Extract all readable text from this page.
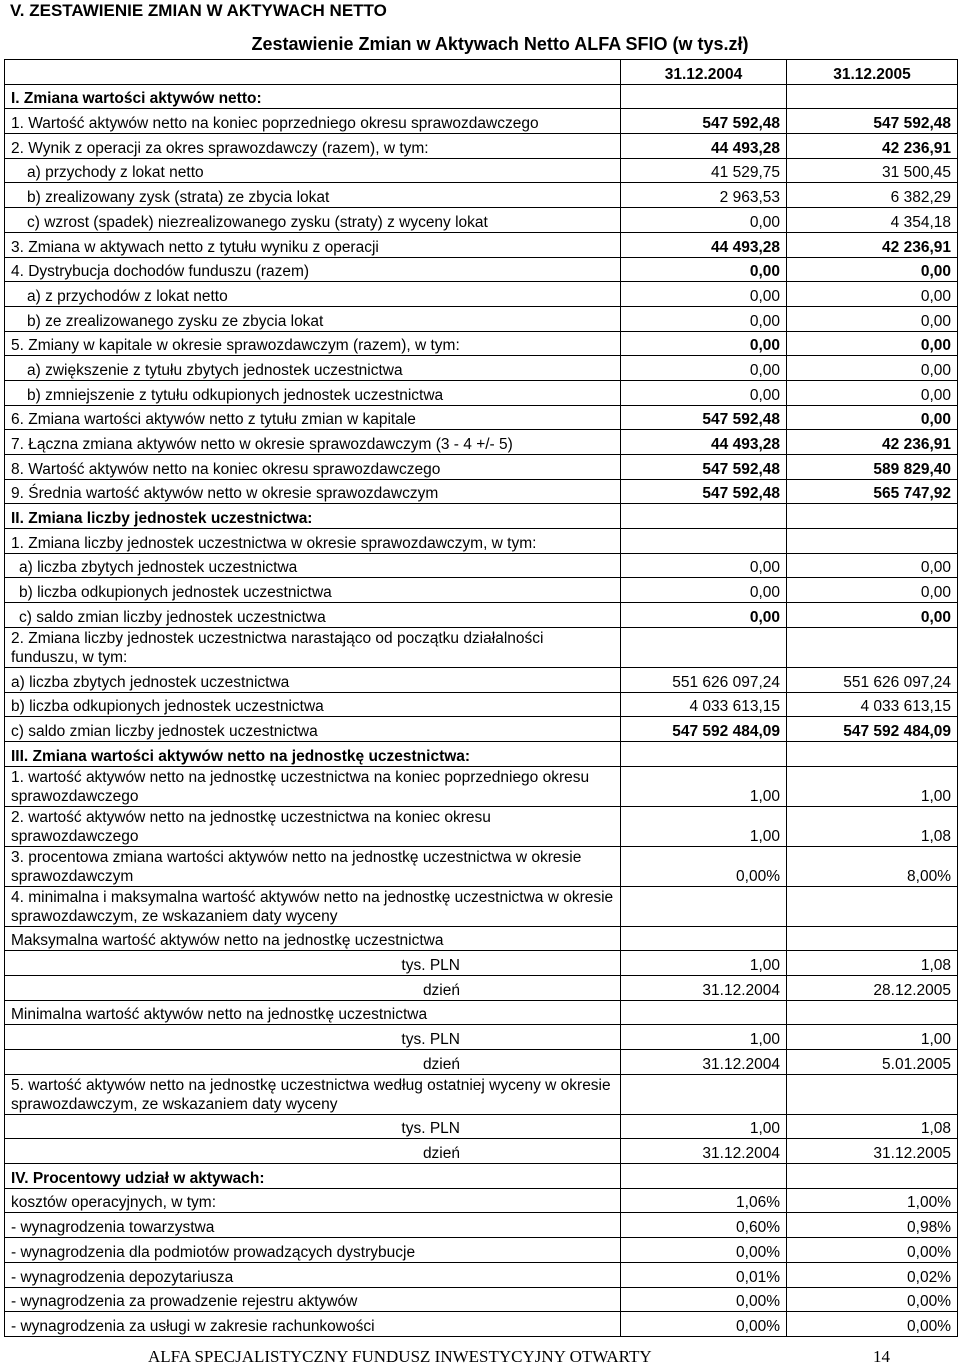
V. ZESTAWIENIE ZMIAN W AKTYWACH NETTO
Zestawienie Zmian w Aktywach Netto ALFA SFIO (w tys.zł)
	31.12.2004	31.12.2005
I. Zmiana wartości aktywów netto:		
1. Wartość aktywów netto na koniec poprzedniego okresu sprawozdawczego	547 592,48	547 592,48
2. Wynik z operacji za okres sprawozdawczy (razem), w tym:	44 493,28	42 236,91
a) przychody z lokat netto	41 529,75	31 500,45
b) zrealizowany zysk (strata) ze zbycia lokat	2 963,53	6 382,29
c) wzrost (spadek) niezrealizowanego zysku (straty) z wyceny lokat	0,00	4 354,18
3. Zmiana w aktywach netto z tytułu wyniku z operacji	44 493,28	42 236,91
4. Dystrybucja dochodów funduszu (razem)	0,00	0,00
a) z przychodów z lokat netto	0,00	0,00
b) ze zrealizowanego zysku ze zbycia lokat	0,00	0,00
5. Zmiany w kapitale w okresie sprawozdawczym (razem), w tym:	0,00	0,00
a) zwiększenie z tytułu zbytych jednostek uczestnictwa	0,00	0,00
b) zmniejszenie z tytułu odkupionych jednostek uczestnictwa	0,00	0,00
6. Zmiana wartości aktywów netto z tytułu zmian w kapitale	547 592,48	0,00
7. Łączna zmiana aktywów netto w okresie sprawozdawczym (3 - 4 +/- 5)	44 493,28	42 236,91
8. Wartość aktywów netto na koniec okresu sprawozdawczego	547 592,48	589 829,40
9. Średnia wartość aktywów netto w okresie sprawozdawczym	547 592,48	565 747,92
II. Zmiana liczby jednostek uczestnictwa:		
1. Zmiana liczby jednostek uczestnictwa w okresie sprawozdawczym, w tym:		
a) liczba zbytych jednostek uczestnictwa	0,00	0,00
b) liczba odkupionych jednostek uczestnictwa	0,00	0,00
c) saldo zmian liczby jednostek uczestnictwa	0,00	0,00
2. Zmiana liczby jednostek uczestnictwa narastająco od początku działalności funduszu, w tym:		
a) liczba zbytych jednostek uczestnictwa	551 626 097,24	551 626 097,24
b) liczba odkupionych jednostek uczestnictwa	4 033 613,15	4 033 613,15
c) saldo zmian liczby jednostek uczestnictwa	547 592 484,09	547 592 484,09
III. Zmiana wartości aktywów netto na jednostkę uczestnictwa:		
1. wartość aktywów netto na jednostkę uczestnictwa na koniec poprzedniego okresu sprawozdawczego	1,00	1,00
2. wartość aktywów netto na jednostkę uczestnictwa na koniec okresu sprawozdawczego	1,00	1,08
3. procentowa zmiana wartości aktywów netto na jednostkę uczestnictwa w okresie sprawozdawczym	0,00%	8,00%
4. minimalna i maksymalna wartość aktywów netto na jednostkę uczestnictwa w okresie sprawozdawczym, ze wskazaniem daty wyceny		
Maksymalna wartość aktywów netto na jednostkę uczestnictwa		
tys. PLN	1,00	1,08
dzień	31.12.2004	28.12.2005
Minimalna wartość aktywów netto na jednostkę uczestnictwa		
tys. PLN	1,00	1,00
dzień	31.12.2004	5.01.2005
5. wartość aktywów netto na jednostkę uczestnictwa według ostatniej wyceny w okresie sprawozdawczym, ze wskazaniem daty wyceny		
tys. PLN	1,00	1,08
dzień	31.12.2004	31.12.2005
IV. Procentowy udział w aktywach:		
kosztów operacyjnych, w tym:	1,06%	1,00%
- wynagrodzenia towarzystwa	0,60%	0,98%
- wynagrodzenia dla podmiotów prowadzących dystrybucje	0,00%	0,00%
- wynagrodzenia depozytariusza	0,01%	0,02%
- wynagrodzenia za prowadzenie rejestru aktywów	0,00%	0,00%
- wynagrodzenia za usługi w zakresie rachunkowości	0,00%	0,00%
ALFA SPECJALISTYCZNY FUNDUSZ INWESTYCYJNY OTWARTY	14
